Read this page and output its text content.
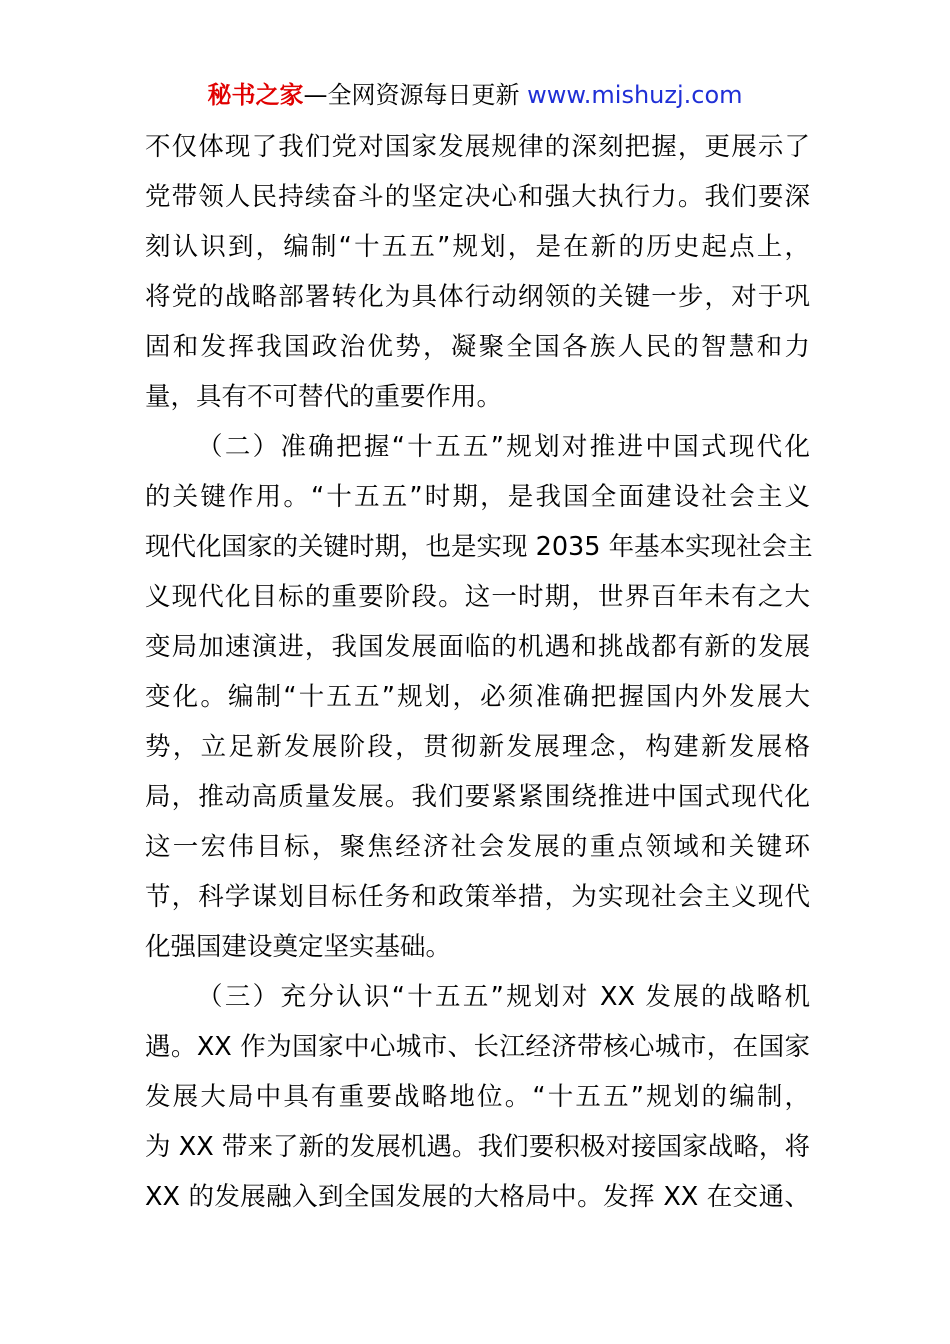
秘书之家—全网资源每日更新 www.mishuzj.com
不仅体现了我们党对国家发展规律的深刻把握，更展示了
党带领人民持续奋斗的坚定决心和强大执行力。我们要深
刻认识到，编制“十五五”规划，是在新的历史起点上，
将党的战略部署转化为具体行动纲领的关键一步，对于巩
固和发挥我国政治优势，凝聚全国各族人民的智慧和力
量，具有不可替代的重要作用。
（二）准确把握“十五五”规划对推进中国式现代化
的关键作用。“十五五”时期，是我国全面建设社会主义
现代化国家的关键时期，也是实现 2035 年基本实现社会主
义现代化目标的重要阶段。这一时期，世界百年未有之大
变局加速演进，我国发展面临的机遇和挑战都有新的发展
变化。编制“十五五”规划，必须准确把握国内外发展大
势，立足新发展阶段，贯彻新发展理念，构建新发展格
局，推动高质量发展。我们要紧紧围绕推进中国式现代化
这一宏伟目标，聚焦经济社会发展的重点领域和关键环
节，科学谋划目标任务和政策举措，为实现社会主义现代
化强国建设奠定坚实基础。
（三）充分认识“十五五”规划对 XX 发展的战略机
遇。XX 作为国家中心城市、长江经济带核心城市，在国家
发展大局中具有重要战略地位。“十五五”规划的编制，
为 XX 带来了新的发展机遇。我们要积极对接国家战略，将
XX 的发展融入到全国发展的大格局中。发挥 XX 在交通、
